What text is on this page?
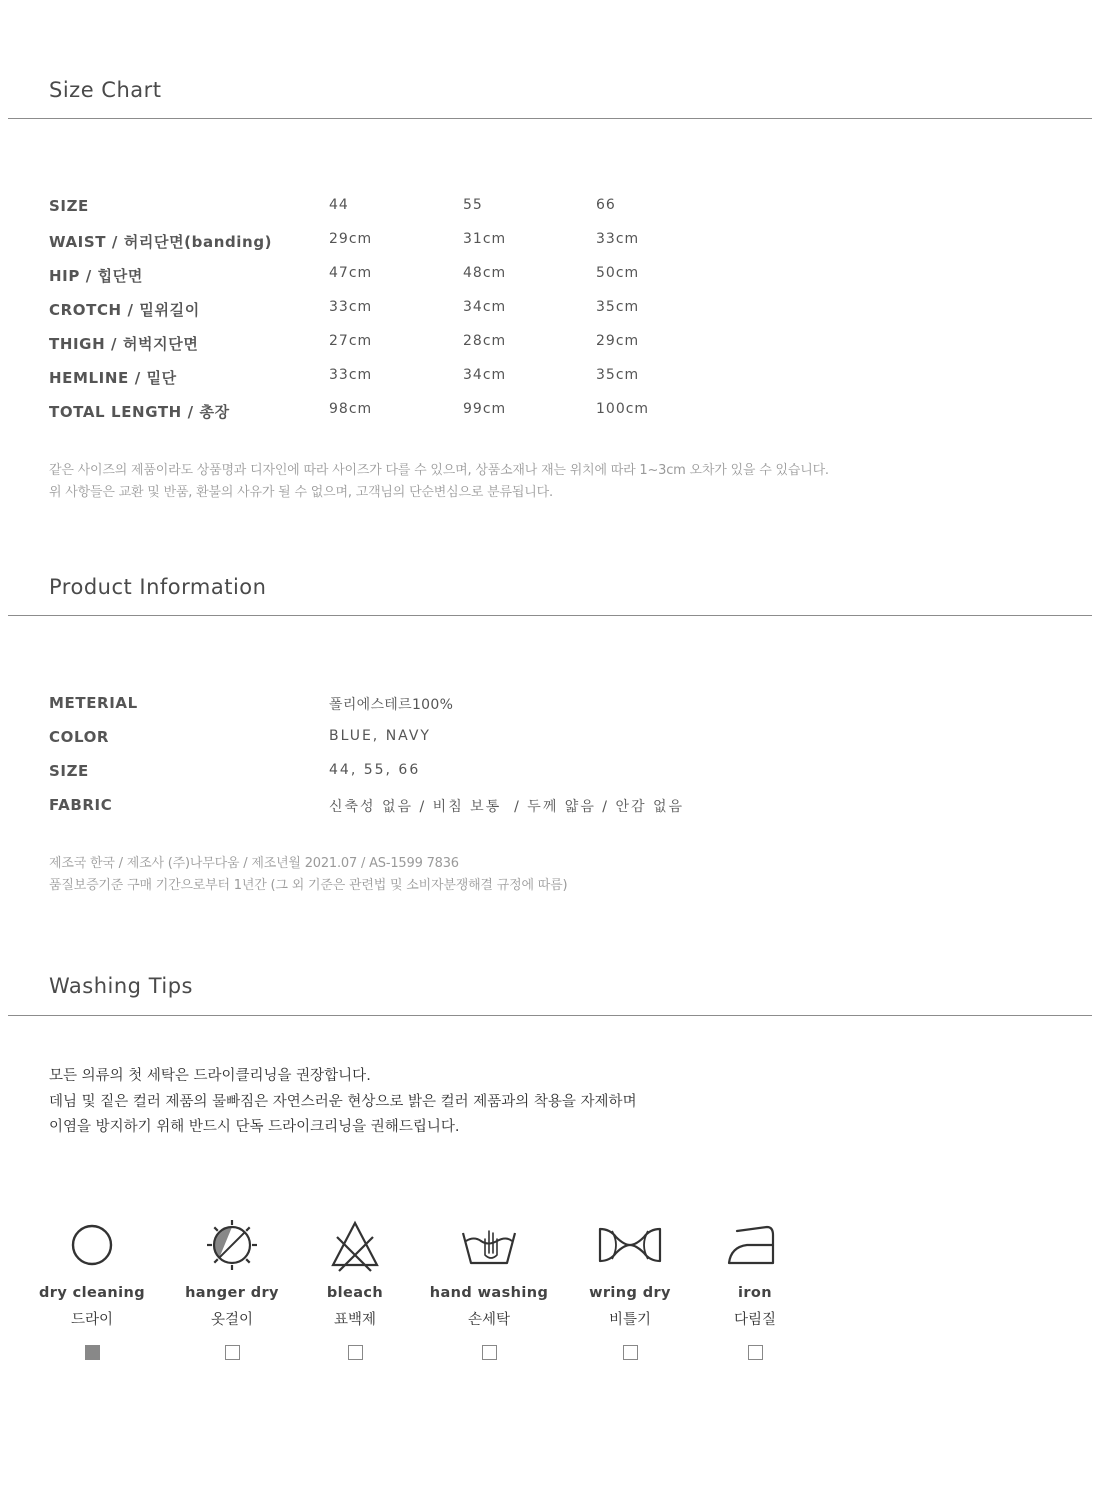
Size Chart
SIZE	44	55	66
WAIST / 허리단면(banding)	29cm	31cm	33cm
HIP / 힙단면	47cm	48cm	50cm
CROTCH / 밑위길이	33cm	34cm	35cm
THIGH / 허벅지단면	27cm	28cm	29cm
HEMLINE / 밑단	33cm	34cm	35cm
TOTAL LENGTH / 총장	98cm	99cm	100cm
같은 사이즈의 제품이라도 상품명과 디자인에 따라 사이즈가 다를 수 있으며, 상품소재나 재는 위치에 따라 1~3cm 오차가 있을 수 있습니다.
위 사항들은 교환 및 반품, 환불의 사유가 될 수 없으며, 고객님의 단순변심으로 분류됩니다.
Product Information
METERIAL	폴리에스테르100%
COLOR	BLUE, NAVY
SIZE	44, 55, 66
FABRIC	신축성 없음 / 비침 보통  / 두께 얇음 / 안감 없음
제조국 한국 / 제조사 (주)나무다움 / 제조년월 2021.07 / AS-1599 7836
품질보증기준 구매 기간으로부터 1년간 (그 외 기준은 관련법 및 소비자분쟁해결 규정에 따름)
Washing Tips
모든 의류의 첫 세탁은 드라이클리닝을 권장합니다.
데님 및 짙은 컬러 제품의 물빠짐은 자연스러운 현상으로 밝은 컬러 제품과의 착용을 자제하며
이염을 방지하기 위해 반드시 단독 드라이크리닝을 권해드립니다.
dry cleaning
드라이
hanger dry
옷걸이
bleach
표백제
hand washing
손세탁
wring dry
비틀기
iron
다림질
